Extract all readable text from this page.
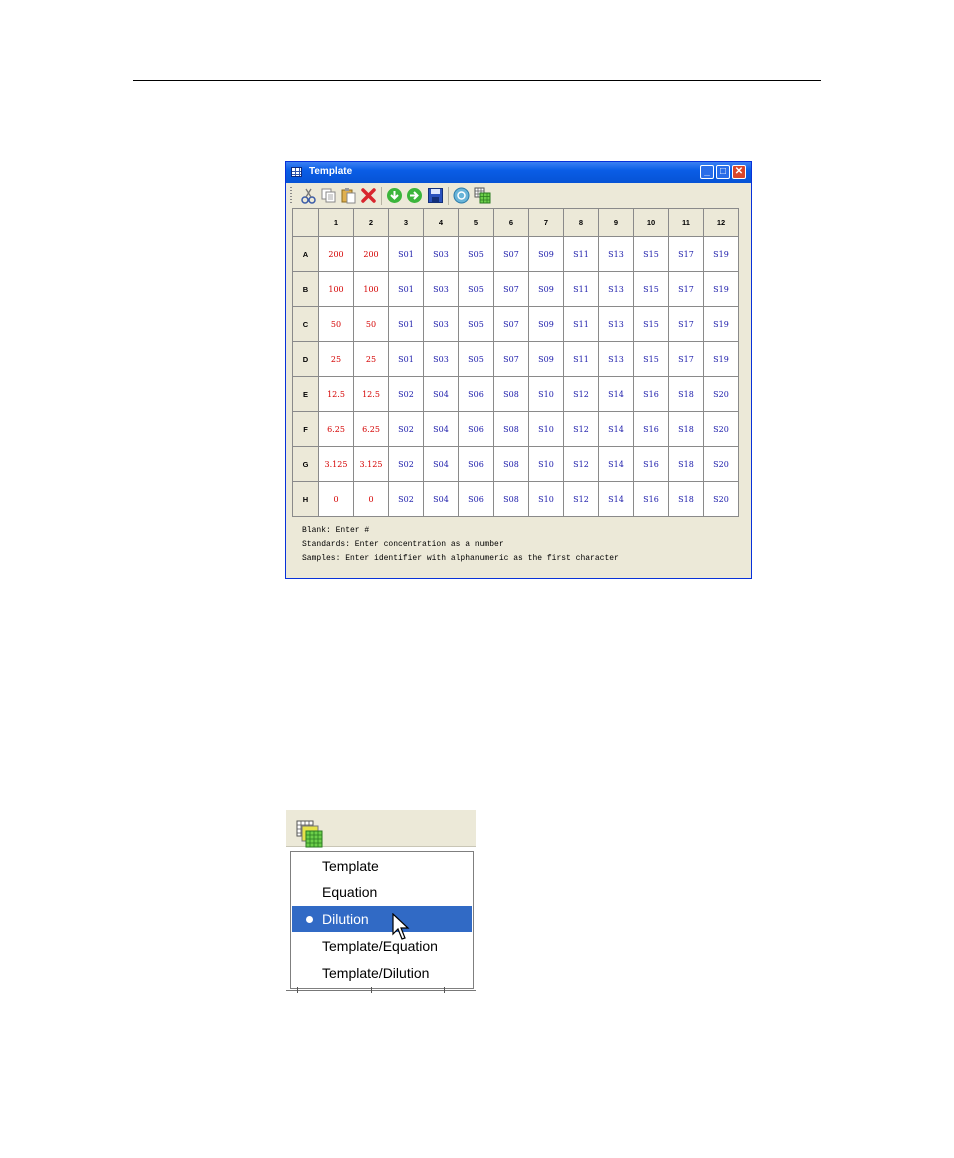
Template	_	□ ✕
	1	2	3	4	5	6	7	8	9	10	11	12
A	200	200	S01	S03	S05	S07	S09	S11	S13	S15	S17	S19
B	100	100	S01	S03	S05	S07	S09	S11	S13	S15	S17	S19
C	50	50	S01	S03	S05	S07	S09	S11	S13	S15	S17	S19
D	25	25	S01	S03	S05	S07	S09	S11	S13	S15	S17	S19
E	12.5	12.5	S02	S04	S06	S08	S10	S12	S14	S16	S18	S20
F	6.25	6.25	S02	S04	S06	S08	S10	S12	S14	S16	S18	S20
G	3.125	3.125	S02	S04	S06	S08	S10	S12	S14	S16	S18	S20
H	0	0	S02	S04	S06	S08	S10	S12	S14	S16	S18	S20
Blank: Enter #
Standards: Enter concentration as a number
Samples: Enter identifier with alphanumeric as the first character
Template
Equation
Dilution
Template/Equation
Template/Dilution
